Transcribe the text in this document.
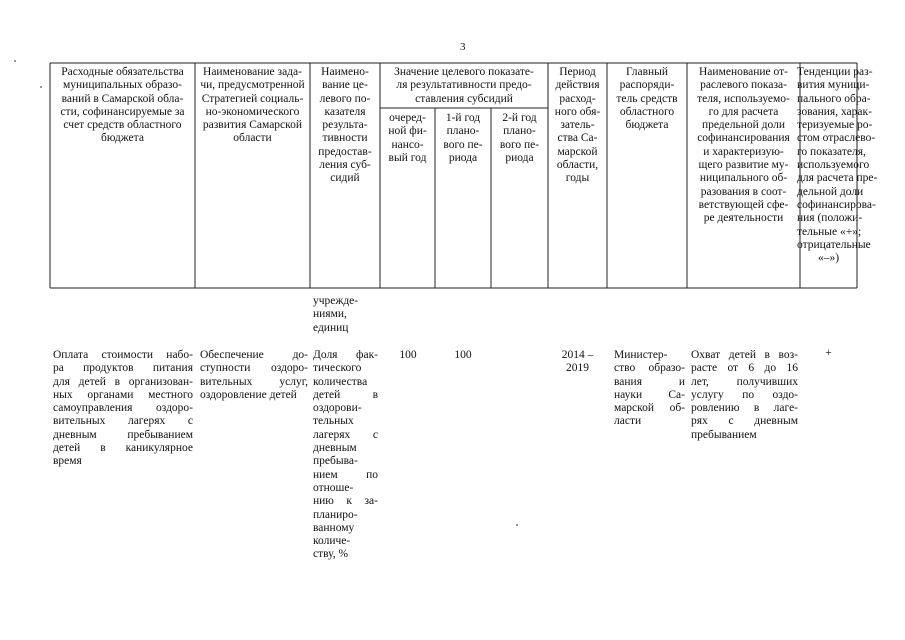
3
Расходные обязательства
муниципальных образо-
ваний в Самарской обла-
сти, софинансируемые за
счет средств областного
бюджета
Наименование зада-
чи, предусмотренной
Стратегией социаль-
но-экономического
развития Самарской
области
Наимено-
вание це-
левого по-
казателя
результа-
тивности
предостав-
ления суб-
сидий
Значение целевого показате-
ля результативности предо-
ставления субсидий
очеред-
ной фи-
нансо-
вый год
1-й год
плано-
вого пе-
риода
2-й год
плано-
вого пе-
риода
Период
действия
расход-
ного обя-
затель-
ства Са-
марской
области,
годы
Главный
распоряди-
тель средств
областного
бюджета
Наименование от-
раслевого показа-
теля, используемо-
го для расчета
предельной доли
софинансирования
и характеризую-
щего развитие му-
ниципального об-
разования в соот-
ветствующей сфе-
ре деятельности
Тенденции раз-
вития муници-
пального обра-
зования, харак-
теризуемые ро-
стом отраслево-
го показателя,
используемого
для расчета пре-
дельной доли
софинансирова-
ния (положи-
тельные «+»;
отрицательные
«–»)
учрежде-
ниями,
единиц
Оплата стоимости набо-
ра продуктов питания
для детей в организован-
ных органами местного
самоуправления оздоро-
вительных лагерях с
дневным пребыванием
детей в каникулярное
время
Обеспечение до-
ступности оздоро-
вительных услуг,
оздоровление детей
Доля фак-
тического
количества
детей в
оздорови-
тельных
лагерях с
дневным
пребыва-
нием по
отноше-
нию к за-
планиро-
ванному
количе-
ству, %
100	100	2014 –
2019
Министер-
ство образо-
вания и
науки Са-
марской об-
ласти
Охват детей в воз-
расте от 6 до 16
лет, получивших
услугу по оздо-
ровлению в лаге-
рях с дневным
пребыванием
+
